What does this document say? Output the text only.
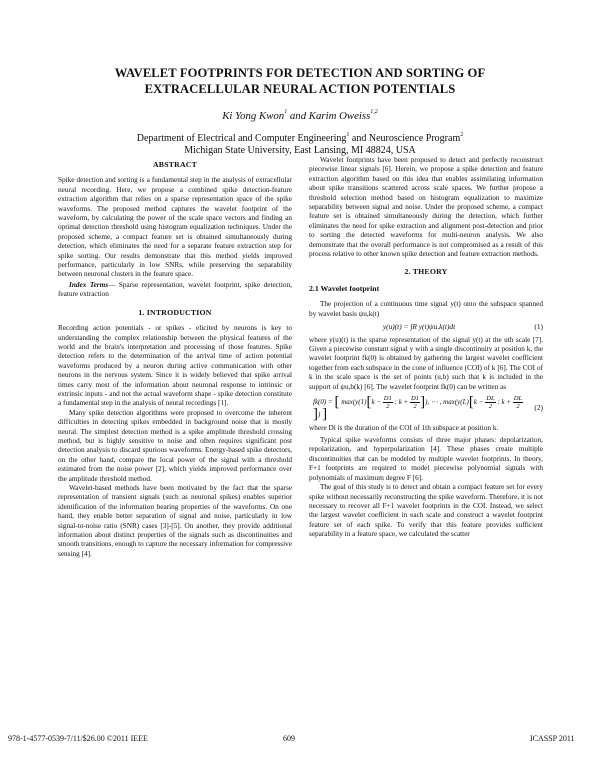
WAVELET FOOTPRINTS FOR DETECTION AND SORTING OF
EXTRACELLULAR NEURAL ACTION POTENTIALS
Ki Yong Kwon$^1$ and Karim Oweiss$^{1,2}$
Department of Electrical and Computer Engineering$^1$ and Neuroscience Program$^2$
Michigan State University, East Lansing, MI 48824, USA
ABSTRACT

Spike detection and sorting is a fundamental step in the analysis of extracellular neural recording. Here, we propose a combined spike detection-feature extraction algorithm that relies on a sparse representation space of the spike waveforms. The proposed method captures the wavelet footprint of the waveform, by calculating the power of the scale space vectors and finding an optimal detection threshold using histogram equalization techniques. Under the proposed scheme, a compact feature set is obtained simultaneously during detection, which eliminates the need for a separate feature extraction step for spike sorting. Our results demonstrate that this method yields improved performance, particularly in low SNRs, while preserving the separability between neuronal clusters in the feature space.

Index Terms— Sparse representation, wavelet footprint, spike detection, feature extraction

1. INTRODUCTION

Recording action potentials - or spikes - elicited by neurons is key to understanding the complex relationship between the physical features of the world and the brain's interpretation and processing of those features. Spike detection refers to the determination of the arrival time of action potential waveforms produced by a neuron during active communication with other neurons in the nervous system. Since it is widely believed that spike arrival times carry most of the information about neuronal response to intrinsic or extrinsic inputs - and not the actual waveform shape - spike detection constitute a fundamental step in the analysis of neural recordings [1].

Many spike detection algorithms were proposed to overcome the inherent difficulties in detecting spikes embedded in background noise that is mostly neural. The simplest detection method is a spike amplitude threshold crossing method, but is highly sensitive to noise and often requires significant post detection analysis to discard spurious waveforms. Energy-based spike detectors, on the other hand, compare the local power of the signal with a threshold estimated from the noise power [2], which yields improved performance over the amplitude threshold method.

Wavelet-based methods have been motivated by the fact that the sparse representation of transient signals (such as neuronal spikes) enables superior identification of the information bearing properties of the waveforms. On one hand, they enable better separation of signal and noise, particularly in low signal-to-noise ratio (SNR) cases [3]-[5]. On another, they provide additional information about distinct properties of the signals such as discontinuities and smooth transitions, enough to capture the necessary information for compressive sensing [4].

Wavelet footprints have been proposed to detect and perfectly reconstruct piecewise linear signals [6]. Herein, we propose a spike detection and feature extraction algorithm based on this idea that enables assimilating information about spike transitions scattered across scale spaces. We further propose a threshold selection method based on histogram equalization to maximize separability between signal and noise. Under the proposed scheme, a compact feature set is obtained simultaneously during the detection, which further eliminates the need for spike extraction and alignment post-detection and prior to sorting the detected waveforms for multi-neuron analysis. We also demonstrate that the overall performance is not compromised as a result of this process relative to other known spike detection and feature extraction methods.

2. THEORY
2.1 Wavelet footprint

The projection of a continuous time signal y(t) onto the subspace spanned by wavelet basis ψu,k(t)

y(u)(t) = ∫R y(t)ψu,k(t)dt	(1)

where y(u)(t) is the sparse representation of the signal y(t) at the uth scale [7]. Given a piecewise constant signal y with a single discontinuity at position k, the wavelet footprint fk(0) is obtained by gathering the largest wavelet coefficient together from each subspace in the cone of influence (COI) of k [6]. The COI of k in the scale space is the set of points (u,b) such that k is included in the support of ψu,b(k) [6]. The wavelet footprint fk(0) can be written as

fk(0) = [ $\max(y(1)[k - \frac{D1}{2}$ : $k + \frac{D1}{2}$ ]), ⋯ , $\max(y(L)[k - \frac{DL}{2}$ : $k + \frac{DL}{2}$
]) ]	(2)

where Di is the duration of the COI of 1th subspace at position k.

Typical spike waveforms consists of three major phases: depolarization, repolarization, and hyperpolarization [4]. These phases create multiple discontinuities that can be modeled by multiple wavelet footprints. In theory, F+1 footprints are required to model piecewise polynomial signals with polynomials of maximum degree F [6].

The goal of this study is to detect and obtain a compact feature set for every spike without necessarily reconstructing the spike waveform. Therefore, it is not necessary to recover all F+1 wavelet footprints in the COI. Instead, we select the largest wavelet coefficient in each scale and construct a wavelet footprint feature set of each spike. To verify that this feature provides sufficient separability in a feature space, we calculated the scatter

978-1-4577-0539-7/11/$26.00 ©2011 IEEE	609	ICASSP 2011
